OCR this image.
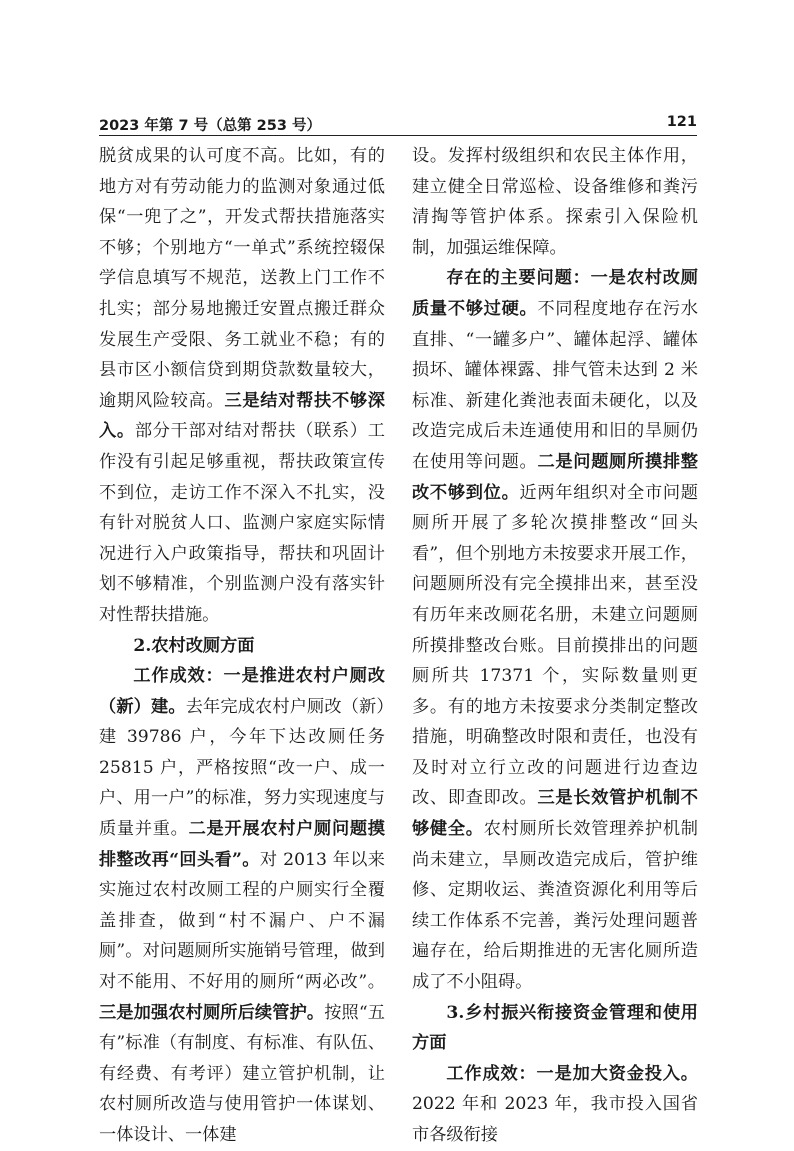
2023 年第 7 号（总第 253 号）	121

脱贫成果的认可度不高。比如，有的地方对有劳动能力的监测对象通过低保“一兜了之”，开发式帮扶措施落实不够；个别地方“一单式”系统控辍保学信息填写不规范，送教上门工作不扎实；部分易地搬迁安置点搬迁群众发展生产受限、务工就业不稳；有的县市区小额信贷到期贷款数量较大，逾期风险较高。三是结对帮扶不够深入。部分干部对结对帮扶（联系）工作没有引起足够重视，帮扶政策宣传不到位，走访工作不深入不扎实，没有针对脱贫人口、监测户家庭实际情况进行入户政策指导，帮扶和巩固计划不够精准，个别监测户没有落实针对性帮扶措施。

2.农村改厕方面

工作成效：一是推进农村户厕改（新）建。去年完成农村户厕改（新）建 39786 户，今年下达改厕任务 25815 户，严格按照“改一户、成一户、用一户”的标准，努力实现速度与质量并重。二是开展农村户厕问题摸排整改再“回头看”。对 2013 年以来实施过农村改厕工程的户厕实行全覆盖排查，做到“村不漏户、户不漏厕”。对问题厕所实施销号管理，做到对不能用、不好用的厕所“两必改”。三是加强农村厕所后续管护。按照“五有”标准（有制度、有标准、有队伍、有经费、有考评）建立管护机制，让农村厕所改造与使用管护一体谋划、一体设计、一体建

设。发挥村级组织和农民主体作用，建立健全日常巡检、设备维修和粪污清掏等管护体系。探索引入保险机制，加强运维保障。

存在的主要问题：一是农村改厕质量不够过硬。不同程度地存在污水直排、“一罐多户”、罐体起浮、罐体损坏、罐体裸露、排气管未达到 2 米标准、新建化粪池表面未硬化，以及改造完成后未连通使用和旧的旱厕仍在使用等问题。二是问题厕所摸排整改不够到位。近两年组织对全市问题厕所开展了多轮次摸排整改“回头看”，但个别地方未按要求开展工作，问题厕所没有完全摸排出来，甚至没有历年来改厕花名册，未建立问题厕所摸排整改台账。目前摸排出的问题厕所共 17371 个，实际数量则更多。有的地方未按要求分类制定整改措施，明确整改时限和责任，也没有及时对立行立改的问题进行边查边改、即查即改。三是长效管护机制不够健全。农村厕所长效管理养护机制尚未建立，旱厕改造完成后，管护维修、定期收运、粪渣资源化利用等后续工作体系不完善，粪污处理问题普遍存在，给后期推进的无害化厕所造成了不小阻碍。

3.乡村振兴衔接资金管理和使用方面

工作成效：一是加大资金投入。2022 年和 2023 年，我市投入国省市各级衔接
